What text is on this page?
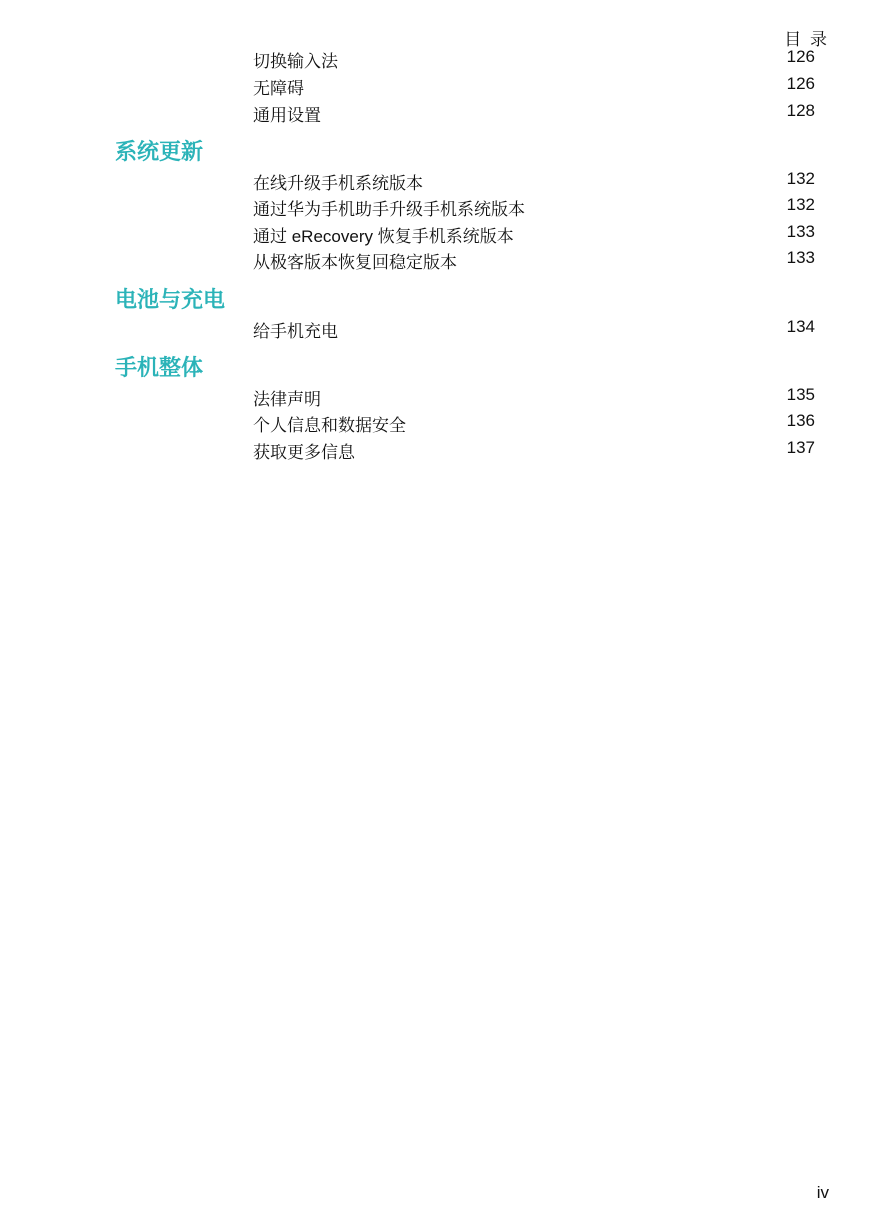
目 录
切换输入法	126
无障碍	126
通用设置	128
系统更新
在线升级手机系统版本	132
通过华为手机助手升级手机系统版本	132
通过 eRecovery 恢复手机系统版本	133
从极客版本恢复回稳定版本	133
电池与充电
给手机充电	134
手机整体
法律声明	135
个人信息和数据安全	136
获取更多信息	137
iv
